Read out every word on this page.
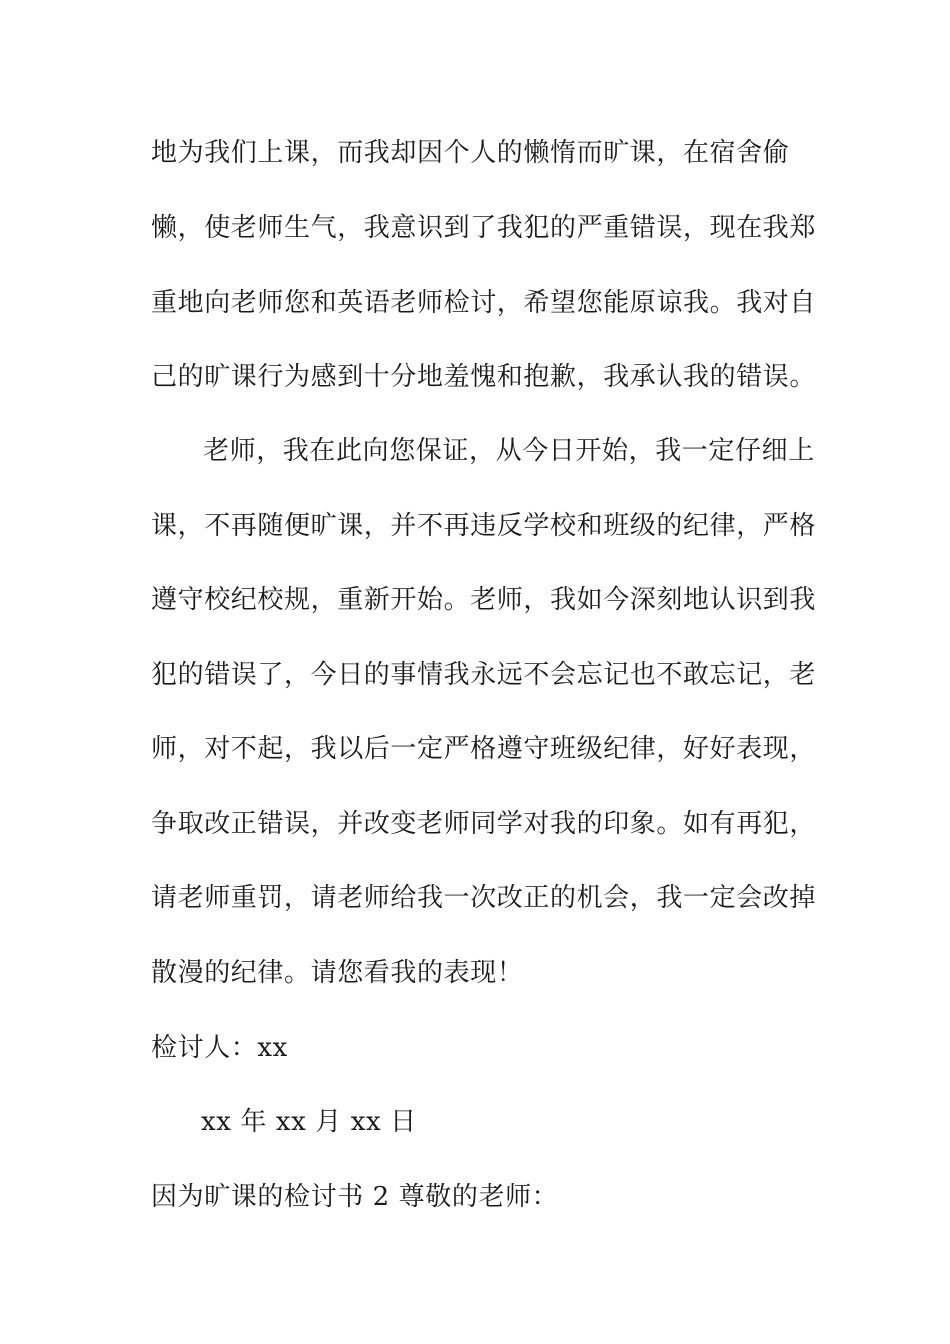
地为我们上课，而我却因个人的懒惰而旷课，在宿舍偷
懒，使老师生气，我意识到了我犯的严重错误，现在我郑
重地向老师您和英语老师检讨，希望您能原谅我。我对自
己的旷课行为感到十分地羞愧和抱歉，我承认我的错误。
老师，我在此向您保证，从今日开始，我一定仔细上
课，不再随便旷课，并不再违反学校和班级的纪律，严格
遵守校纪校规，重新开始。老师，我如今深刻地认识到我
犯的错误了，今日的事情我永远不会忘记也不敢忘记，老
师，对不起，我以后一定严格遵守班级纪律，好好表现，
争取改正错误，并改变老师同学对我的印象。如有再犯，
请老师重罚，请老师给我一次改正的机会，我一定会改掉
散漫的纪律。请您看我的表现！
检讨人：xx
xx 年 xx 月 xx 日
因为旷课的检讨书 2 尊敬的老师：
